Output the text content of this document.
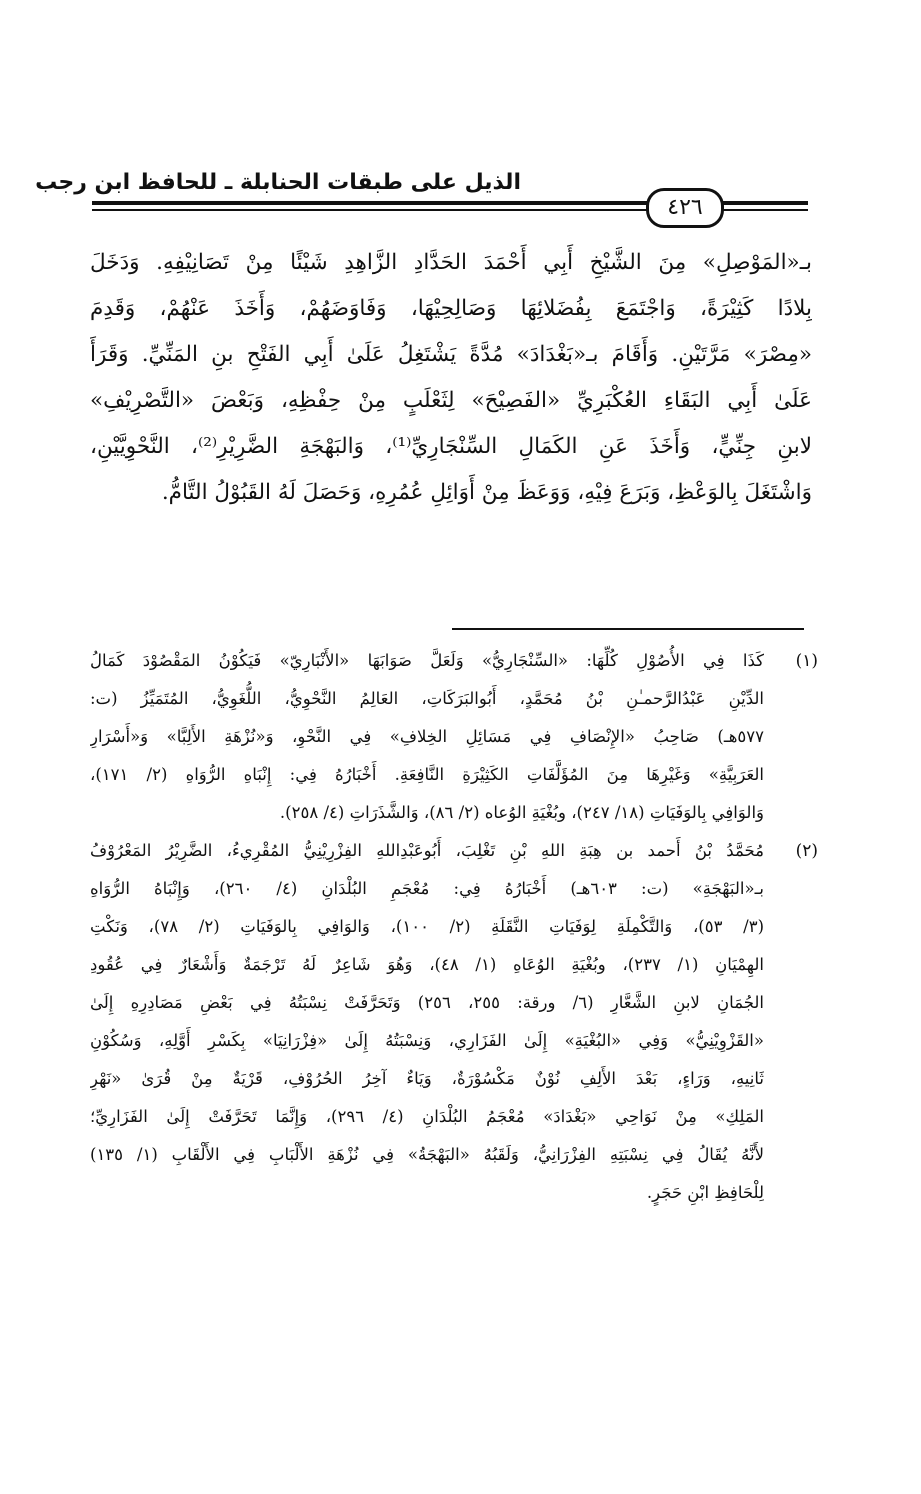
الذيل على طبقات الحنابلة ـ للحافظ ابن رجب
٤٢٦
بـ«المَوْصِلِ» مِنَ الشَّيْخِ أَبِي أَحْمَدَ الحَدَّادِ الزَّاهِدِ شَيْئًا مِنْ تَصَانِيْفِهِ. وَدَخَلَ
بِلادًا كَثِيْرَةً، وَاجْتَمَعَ بِفُضَلائِهَا وَصَالِحِيْهَا، وَفَاوَضَهُمْ، وَأَخَذَ عَنْهُمْ، وَقَدِمَ
«مِصْرَ» مَرَّتَيْنِ. وَأَقَامَ بـ«بَغْدَادَ» مُدَّةً يَشْتَغِلُ عَلَىٰ أَبِي الفَتْحِ بنِ المَنِّيِّ. وَقَرَأَ
عَلَىٰ أَبِي البَقَاءِ العُكْبَرِيِّ «الفَصِيْحَ» لِثَعْلَبٍ مِنْ حِفْظِهِ، وَبَعْضَ «التَّصْرِيْفِ»
لابنِ جِنِّيٍّ، وَأَخَذَ عَنِ الكَمَالِ السِّنْجَارِيِّ⁽¹⁾، وَالبَهْجَةِ الضَّرِيْرِ⁽²⁾، النَّحْوِيَّيْنِ،
وَاشْتَغَلَ بِالوَعْظِ، وَبَرَعَ فِيْهِ، وَوَعَظَ مِنْ أَوَائِلِ عُمُرِهِ، وَحَصَلَ لَهُ القَبُوْلُ التَّامُّ.
(١)
كَذَا فِي الأُصُوْلِ كُلِّهَا: «السِّنْجَارِيُّ» وَلَعَلَّ صَوَابَهَا «الأَنْبَارِيّ» فَيَكُوْنُ المَقْصُوْدَ كَمَالُ
الدِّيْنِ عَبْدُالرَّحمـٰنِ بْنُ مُحَمَّدٍ، أَبُوالبَرَكَاتِ، العَالِمُ النَّحْوِيُّ، اللُّغَوِيُّ، المُتَمَيِّزُ (ت:
٥٧٧هـ) صَاحِبُ «الإِنْصَافِ فِي مَسَائِلِ الخِلافِ» فِي النَّحْوِ، وَ«نُزْهَةِ الأَلِبَّا» وَ«أَسْرَارِ
العَرَبِيَّةِ» وَغَيْرِهَا مِنَ المُؤَلَّفَاتِ الكَثِيْرَةِ النَّافِعَةِ. أَخْبَارُهُ فِي: إِنْبَاهِ الرُّوَاهِ (٢/ ١٧١)،
وَالوَافِي بِالوَفَيَاتِ (١٨/ ٢٤٧)، وبُغْيَةِ الوُعاه (٢/ ٨٦)، وَالشَّذَرَاتِ (٤/ ٢٥٨).
(٢)
مُحَمَّدُ بْنُ أَحمد بن هِبَةِ اللهِ بْنِ تَغْلِبَ، أَبُوعَبْدِاللهِ الفِزْرِيْنِيُّ المُقْرِيءُ، الضَّرِيْرُ المَعْرُوْفُ
بـ«البَهْجَةِ» (ت: ٦٠٣هـ) أَخْبَارُهُ فِي: مُعْجَمِ البُلْدَانِ (٤/ ٢٦٠)، وَإِنْبَاهُ الرُّوَاهِ
(٣/ ٥٣)، وَالتَّكْمِلَةِ لِوَفَيَاتِ النَّقَلَةِ (٢/ ١٠٠)، وَالوَافِي بِالوَفَيَاتِ (٢/ ٧٨)، وَنَكْتِ
الهِمْيَانِ (١/ ٢٣٧)، وبُغْيَةِ الوُعَاهِ (١/ ٤٨)، وَهُوَ شَاعِرٌ لَهُ تَرْجَمَةٌ وَأَشْعَارٌ فِي عُقُودِ
الجُمَانِ لابنِ الشَّعَّارِ (٦/ ورقة: ٢٥٥، ٢٥٦) وَتَحَرَّفَتْ نِسْبَتُهُ فِي بَعْضِ مَصَادِرِهِ إِلَىٰ
«القَزْوِيْنِيُّ» وَفِي «البُغْيَةِ» إِلَىٰ الفَزَارِي، وَنِسْبَتُهُ إِلَىٰ «فِزْرَانِيَا» بِكَسْرِ أَوَّلِهِ، وَسُكُوْنِ
ثَانِيهِ، وَرَاءٍ، بَعْدَ الأَلِفِ نُوْنٌ مَكْسُوْرَةٌ، وَيَاءٌ آخِرُ الحُرُوْفِ، قَرْيَةٌ مِنْ قُرَىٰ «نَهْرِ
المَلِكِ» مِنْ نَوَاحِي «بَغْدَادَ» مُعْجَمُ البُلْدَانِ (٤/ ٢٩٦)، وَإِنَّمَا تَحَرَّفَتْ إِلَىٰ الفَزَارِيِّ؛
لأَنَّهُ يُقَالُ فِي نِسْبَتِهِ الفِزْرَانِيُّ، وَلَقَبُهُ «البَهْجَةُ» فِي نُزْهَةِ الأَلْبَابِ فِي الأَلْقَابِ (١/ ١٣٥)
لِلْحَافِظِ ابْنِ حَجَرٍ.
